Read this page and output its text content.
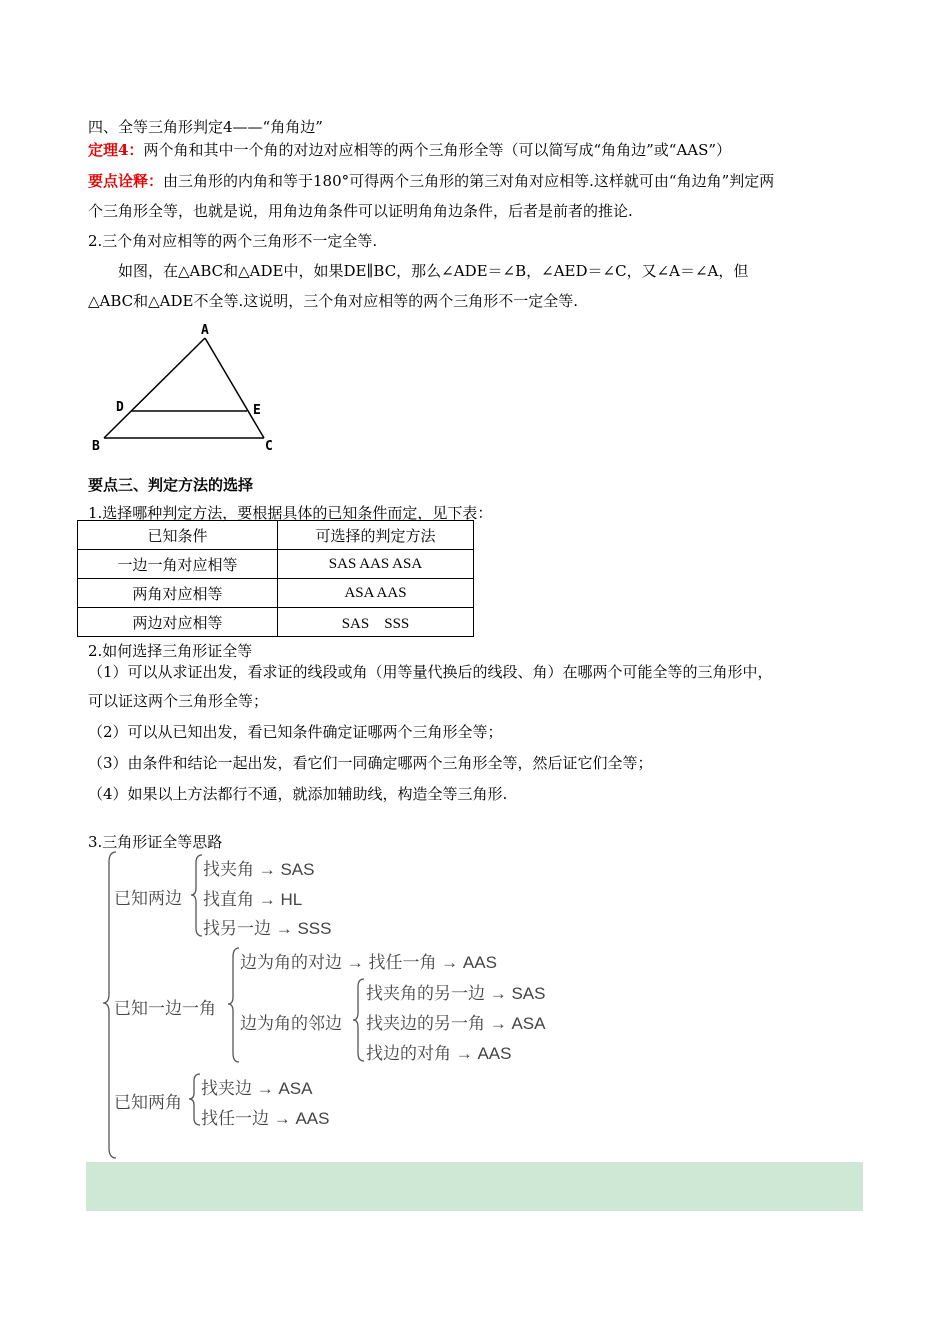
四、全等三角形判定4——“角角边”

定理4：两个角和其中一个角的对边对应相等的两个三角形全等（可以简写成“角角边”或“AAS”）

要点诠释：由三角形的内角和等于180°可得两个三角形的第三对角对应相等.这样就可由“角边角”判定两

个三角形全等，也就是说，用角边角条件可以证明角角边条件，后者是前者的推论.

2.三个角对应相等的两个三角形不一定全等.

如图，在△ABC和△ADE中，如果DE∥BC，那么∠ADE＝∠B，∠AED＝∠C，又∠A＝∠A，但

△ABC和△ADE不全等.这说明，三个角对应相等的两个三角形不一定全等.

A
D	E
B	C

要点三、判定方法的选择

1.选择哪种判定方法，要根据具体的已知条件而定，见下表：

已知条件	可选择的判定方法
一边一角对应相等	SAS AAS ASA
两角对应相等	ASA AAS
两边对应相等	SAS　SSS

2.如何选择三角形证全等

（1）可以从求证出发，看求证的线段或角（用等量代换后的线段、角）在哪两个可能全等的三角形中，

可以证这两个三角形全等；

（2）可以从已知出发，看已知条件确定证哪两个三角形全等；

（3）由条件和结论一起出发，看它们一同确定哪两个三角形全等，然后证它们全等；

（4）如果以上方法都行不通，就添加辅助线，构造全等三角形.

3.三角形证全等思路

已知两边
找夹角 → SAS
找直角 → HL
找另一边 → SSS
已知一边一角
边为角的对边 → 找任一角 → AAS
边为角的邻边
找夹角的另一边 → SAS
找夹边的另一角 → ASA
找边的对角 → AAS
已知两角
找夹边 → ASA
找任一边 → AAS
